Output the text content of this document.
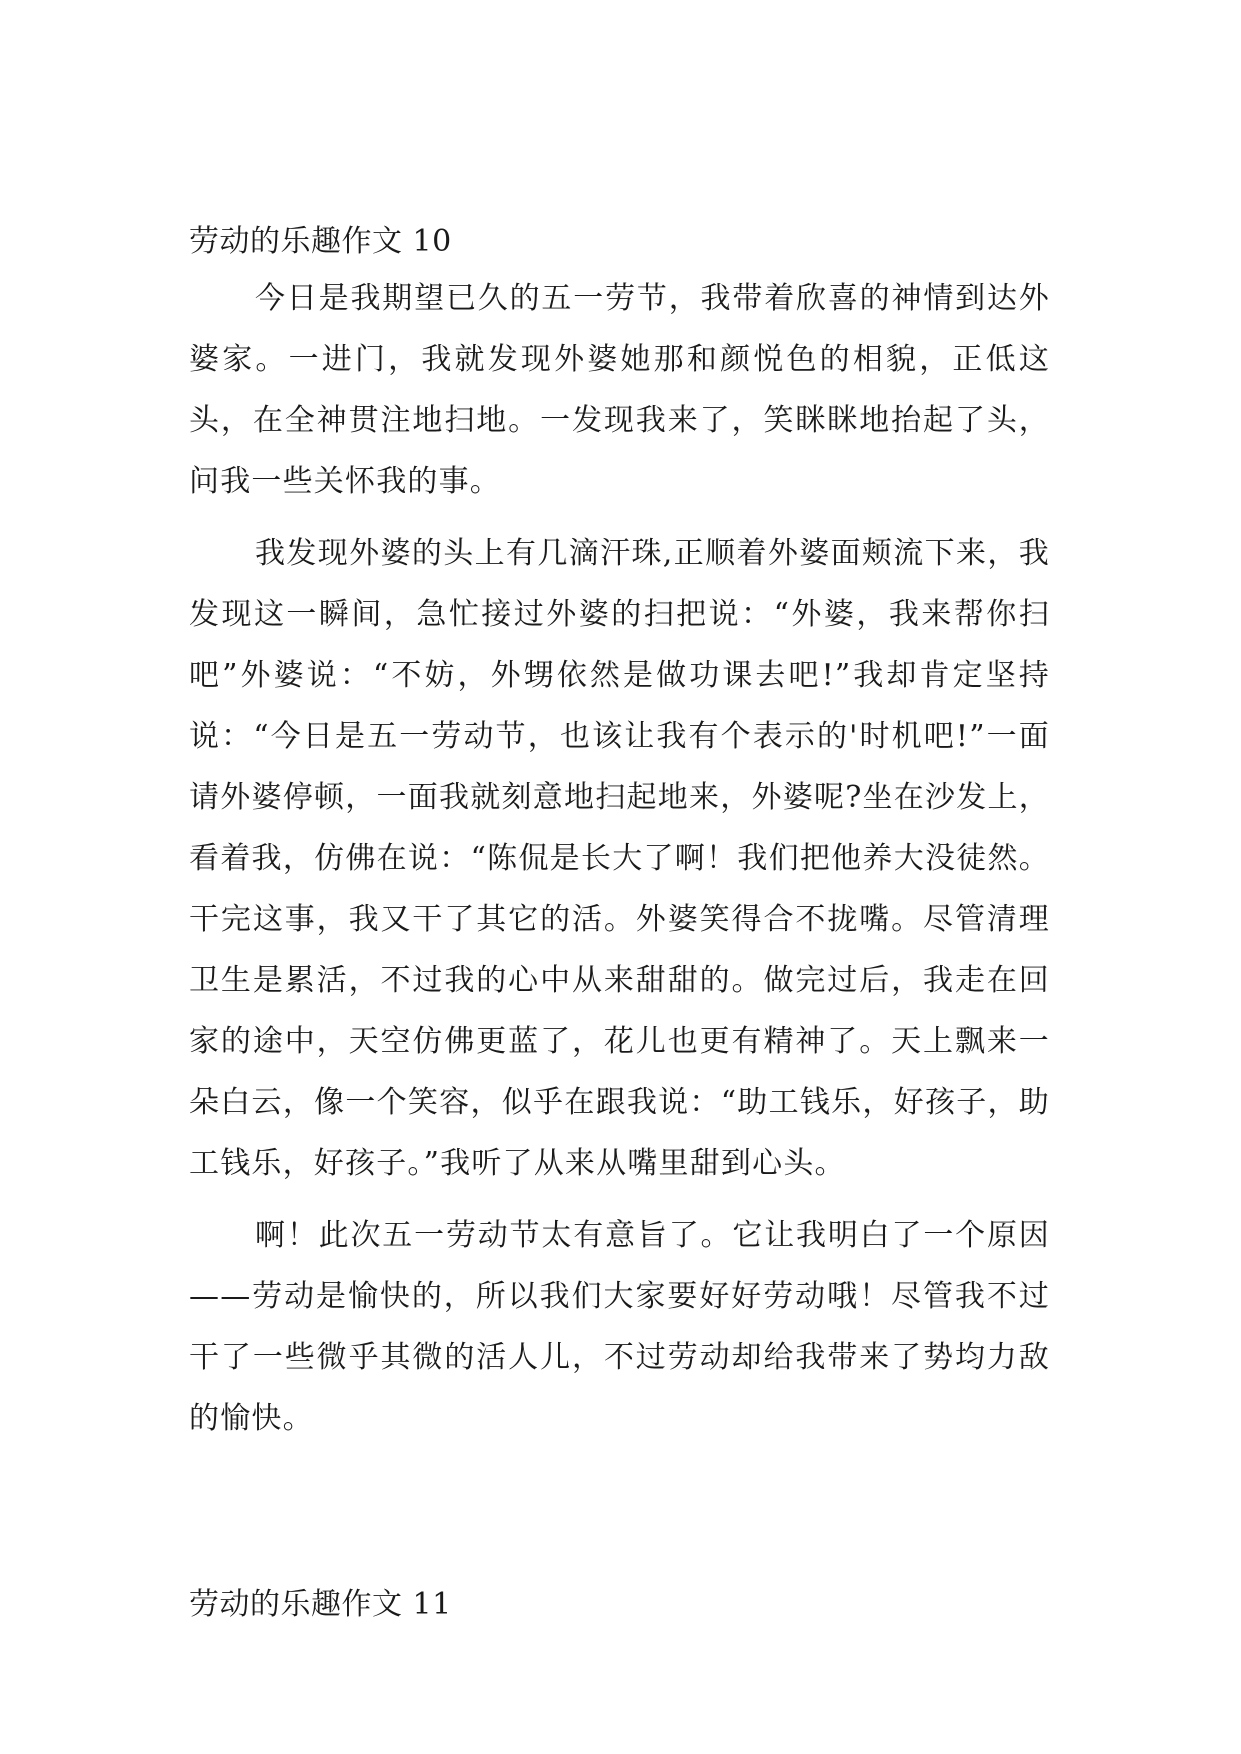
劳动的乐趣作文 10

今日是我期望已久的五一劳节，我带着欣喜的神情到达外婆家。一进门，我就发现外婆她那和颜悦色的相貌，正低这头，在全神贯注地扫地。一发现我来了，笑眯眯地抬起了头，问我一些关怀我的事。

我发现外婆的头上有几滴汗珠,正顺着外婆面颊流下来，我发现这一瞬间，急忙接过外婆的扫把说：“外婆，我来帮你扫吧”外婆说：“不妨，外甥依然是做功课去吧!”我却肯定坚持说：“今日是五一劳动节，也该让我有个表示的'时机吧!”一面请外婆停顿，一面我就刻意地扫起地来，外婆呢?坐在沙发上，看着我，仿佛在说：“陈侃是长大了啊！我们把他养大没徒然。干完这事，我又干了其它的活。外婆笑得合不拢嘴。尽管清理卫生是累活，不过我的心中从来甜甜的。做完过后，我走在回家的途中，天空仿佛更蓝了，花儿也更有精神了。天上飘来一朵白云，像一个笑容，似乎在跟我说：“助工钱乐，好孩子，助工钱乐，好孩子。”我听了从来从嘴里甜到心头。

啊！此次五一劳动节太有意旨了。它让我明白了一个原因——劳动是愉快的，所以我们大家要好好劳动哦！尽管我不过干了一些微乎其微的活人儿，不过劳动却给我带来了势均力敌的愉快。

劳动的乐趣作文 11
